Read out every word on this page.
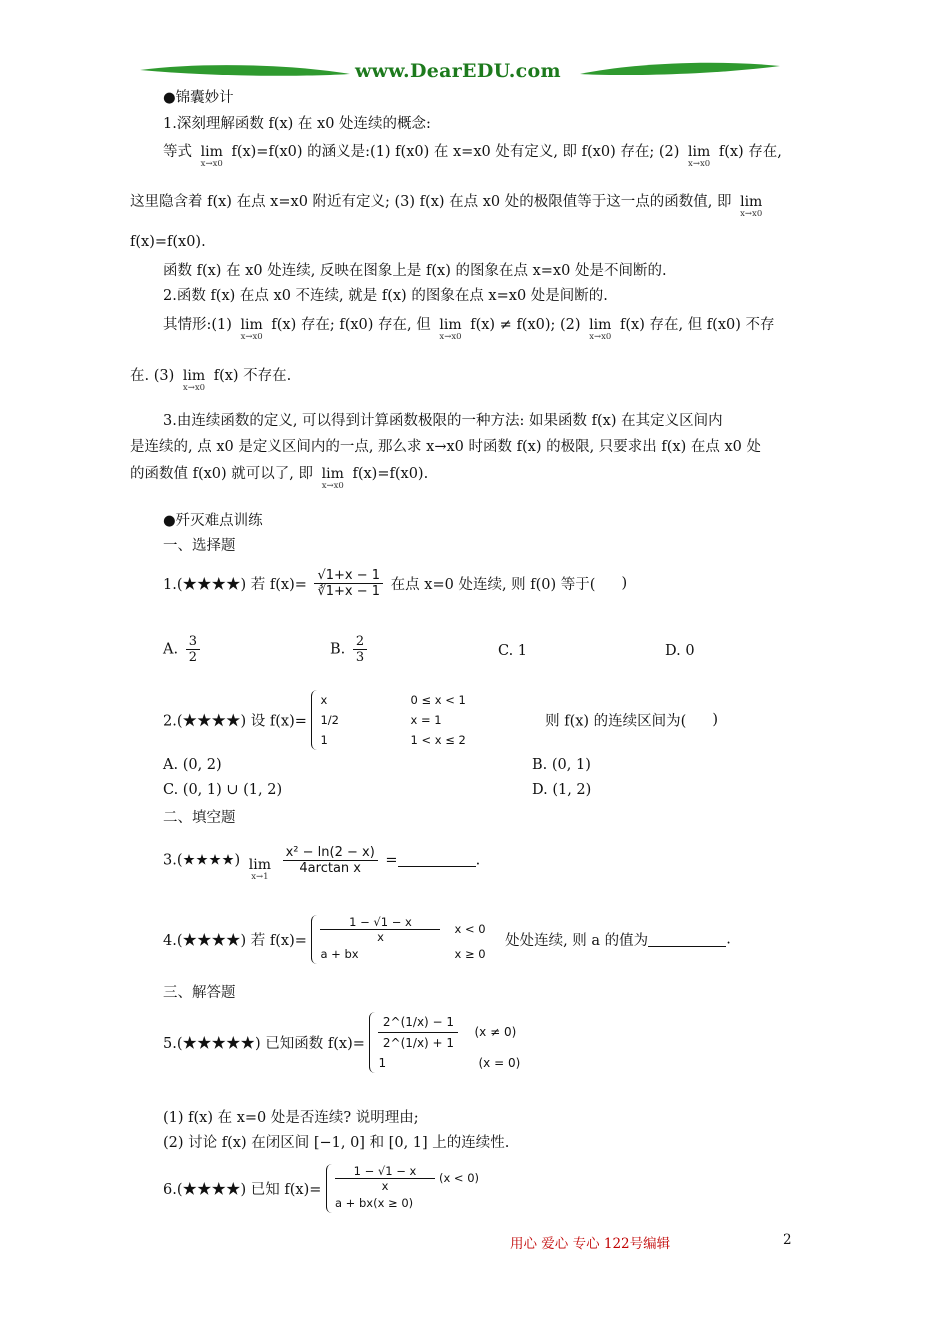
www.DearEDU.com
●锦囊妙计
1.深刻理解函数 f(x) 在 x0 处连续的概念:
等式 lim
x→x0
f(x)=f(x0) 的涵义是:(1) f(x0) 在 x=x0 处有定义, 即 f(x0) 存在; (2) lim
x→x0
f(x) 存在,
这里隐含着 f(x) 在点 x=x0 附近有定义; (3) f(x) 在点 x0 处的极限值等于这一点的函数值, 即 lim
x→x0
f(x)=f(x0).
函数 f(x) 在 x0 处连续, 反映在图象上是 f(x) 的图象在点 x=x0 处是不间断的.
2.函数 f(x) 在点 x0 不连续, 就是 f(x) 的图象在点 x=x0 处是间断的.
其情形:(1) lim
x→x0
f(x) 存在; f(x0) 存在, 但 lim
x→x0
f(x) ≠ f(x0); (2) lim
x→x0
f(x) 存在, 但 f(x0) 不存
在. (3) lim
x→x0
f(x) 不存在.
3.由连续函数的定义, 可以得到计算函数极限的一种方法: 如果函数 f(x) 在其定义区间内
是连续的, 点 x0 是定义区间内的一点, 那么求 x→x0 时函数 f(x) 的极限, 只要求出 f(x) 在点 x0 处
的函数值 f(x0) 就可以了, 即 lim
x→x0
f(x)=f(x0).
●歼灭难点训练
一、选择题
1.(★★★★) 若 $f(x)= \frac{√1+x - 1}{∛1+x - 1}$ 在点 x=0 处连续, 则 f(0) 等于( )
A. $\frac{3}{2}$	B. $\frac{2}{3}$	C. 1	D. 0
2.(★★★★) 设 f(x)=
x	0 ≤ x < 1
1/2	x = 1
1	1 < x ≤ 2
则 f(x) 的连续区间为( )
A. (0, 2)	B. (0, 1)
C. (0, 1) ∪ (1, 2)	D. (1, 2)
二、填空题
3.(★★★★) lim
x→1

$\frac{\text{x² − ln(2 − x)}}{\text{4arctan x}}$ =	.
4.(★★★★) 若 $f(x)= \frac{1 - √1 - x}{x}$ x < 0
a + bx	x ≥ 0
处处连续, 则 a 的值为	.
三、解答题
5.(★★★★★) 已知函数 $f(x)= \frac{2\^{}(1/x) - 1}{2\^{}(1/x) + 1} (x \ne 0)$
1	(x = 0)
(1) f(x) 在 x=0 处是否连续? 说明理由;
(2) 讨论 f(x) 在闭区间 [−1, 0] 和 [0, 1] 上的连续性.
6.(★★★★) 已知 $f(x)= \frac{1 - √1 - x}{x} (x < 0)$
a + bx(x ≥ 0)
用心 爱心 专心 122号编辑	2
